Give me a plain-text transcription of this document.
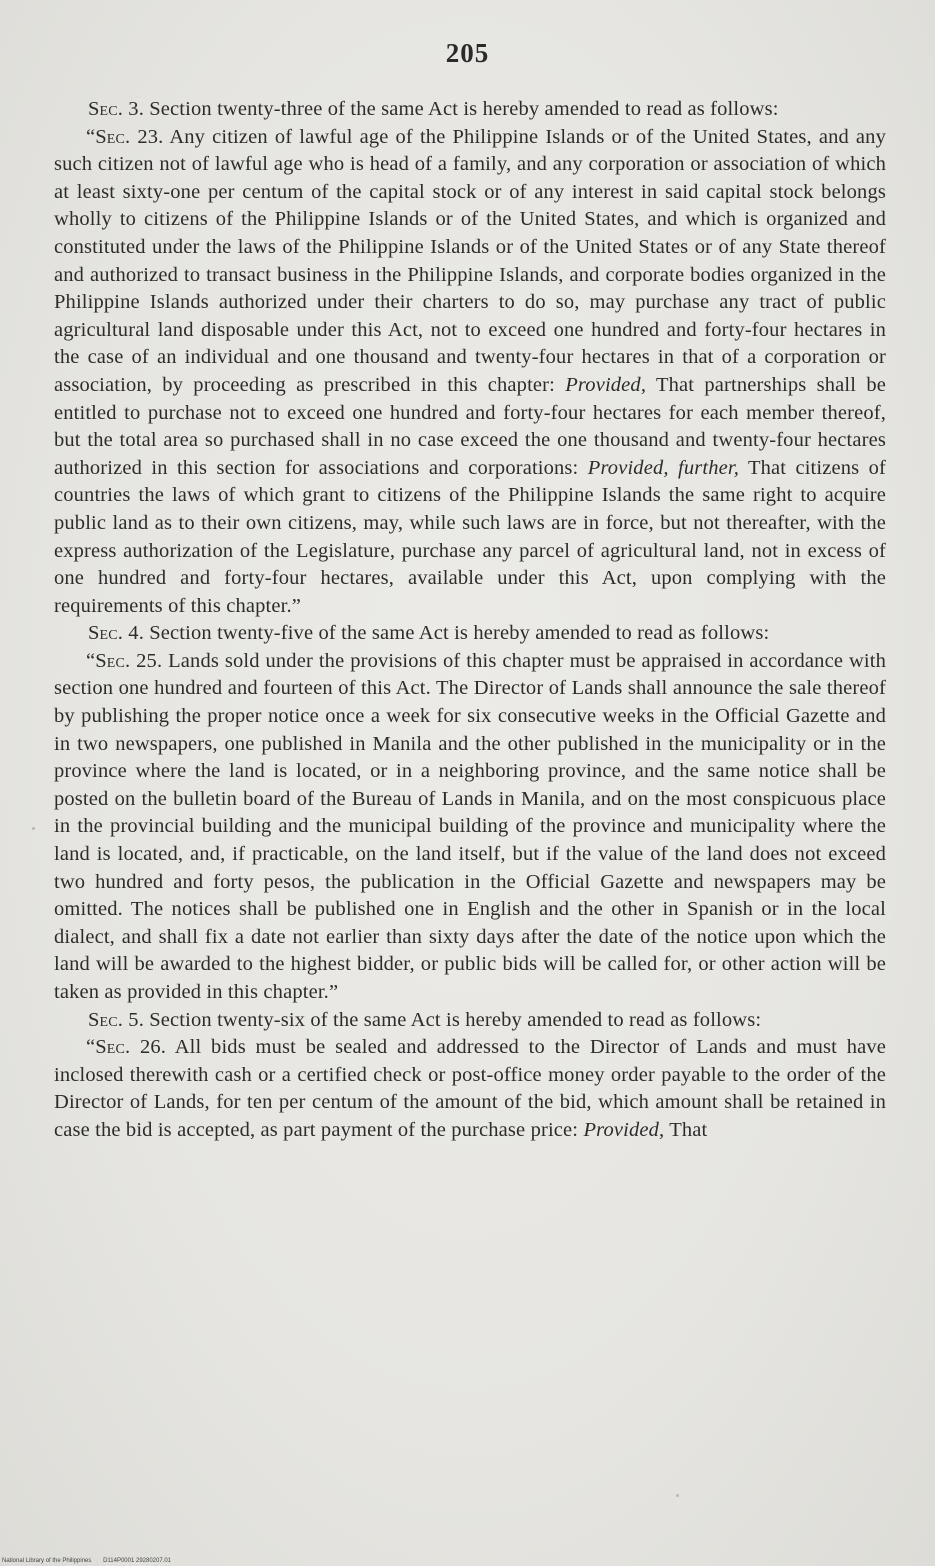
205

Sec. 3. Section twenty-three of the same Act is hereby amended to read as follows:

“Sec. 23. Any citizen of lawful age of the Philippine Islands or of the United States, and any such citizen not of lawful age who is head of a family, and any corporation or association of which at least sixty-one per centum of the capital stock or of any interest in said capital stock belongs wholly to citizens of the Philippine Islands or of the United States, and which is organized and constituted under the laws of the Philippine Islands or of the United States or of any State thereof and authorized to transact business in the Philippine Islands, and corporate bodies organized in the Philippine Islands authorized under their charters to do so, may purchase any tract of public agricultural land disposable under this Act, not to exceed one hundred and forty-four hectares in the case of an individual and one thousand and twenty-four hectares in that of a corporation or association, by proceeding as prescribed in this chapter: Provided, That partnerships shall be entitled to purchase not to exceed one hundred and forty-four hectares for each member thereof, but the total area so purchased shall in no case exceed the one thousand and twenty-four hectares authorized in this section for associations and corporations: Provided, further, That citizens of countries the laws of which grant to citizens of the Philippine Islands the same right to acquire public land as to their own citizens, may, while such laws are in force, but not thereafter, with the express authorization of the Legislature, purchase any parcel of agricultural land, not in excess of one hundred and forty-four hectares, available under this Act, upon complying with the requirements of this chapter.”

Sec. 4. Section twenty-five of the same Act is hereby amended to read as follows:

“Sec. 25. Lands sold under the provisions of this chapter must be appraised in accordance with section one hundred and fourteen of this Act. The Director of Lands shall announce the sale thereof by publishing the proper notice once a week for six consecutive weeks in the Official Gazette and in two newspapers, one published in Manila and the other published in the municipality or in the province where the land is located, or in a neighboring province, and the same notice shall be posted on the bulletin board of the Bureau of Lands in Manila, and on the most conspicuous place in the provincial building and the municipal building of the province and municipality where the land is located, and, if practicable, on the land itself, but if the value of the land does not exceed two hundred and forty pesos, the publication in the Official Gazette and newspapers may be omitted. The notices shall be published one in English and the other in Spanish or in the local dialect, and shall fix a date not earlier than sixty days after the date of the notice upon which the land will be awarded to the highest bidder, or public bids will be called for, or other action will be taken as provided in this chapter.”

Sec. 5. Section twenty-six of the same Act is hereby amended to read as follows:

“Sec. 26. All bids must be sealed and addressed to the Director of Lands and must have inclosed therewith cash or a certified check or post-office money order payable to the order of the Director of Lands, for ten per centum of the amount of the bid, which amount shall be retained in case the bid is accepted, as part payment of the purchase price: Provided, That

National Library of the Philippines D114P0001 29280207.01
